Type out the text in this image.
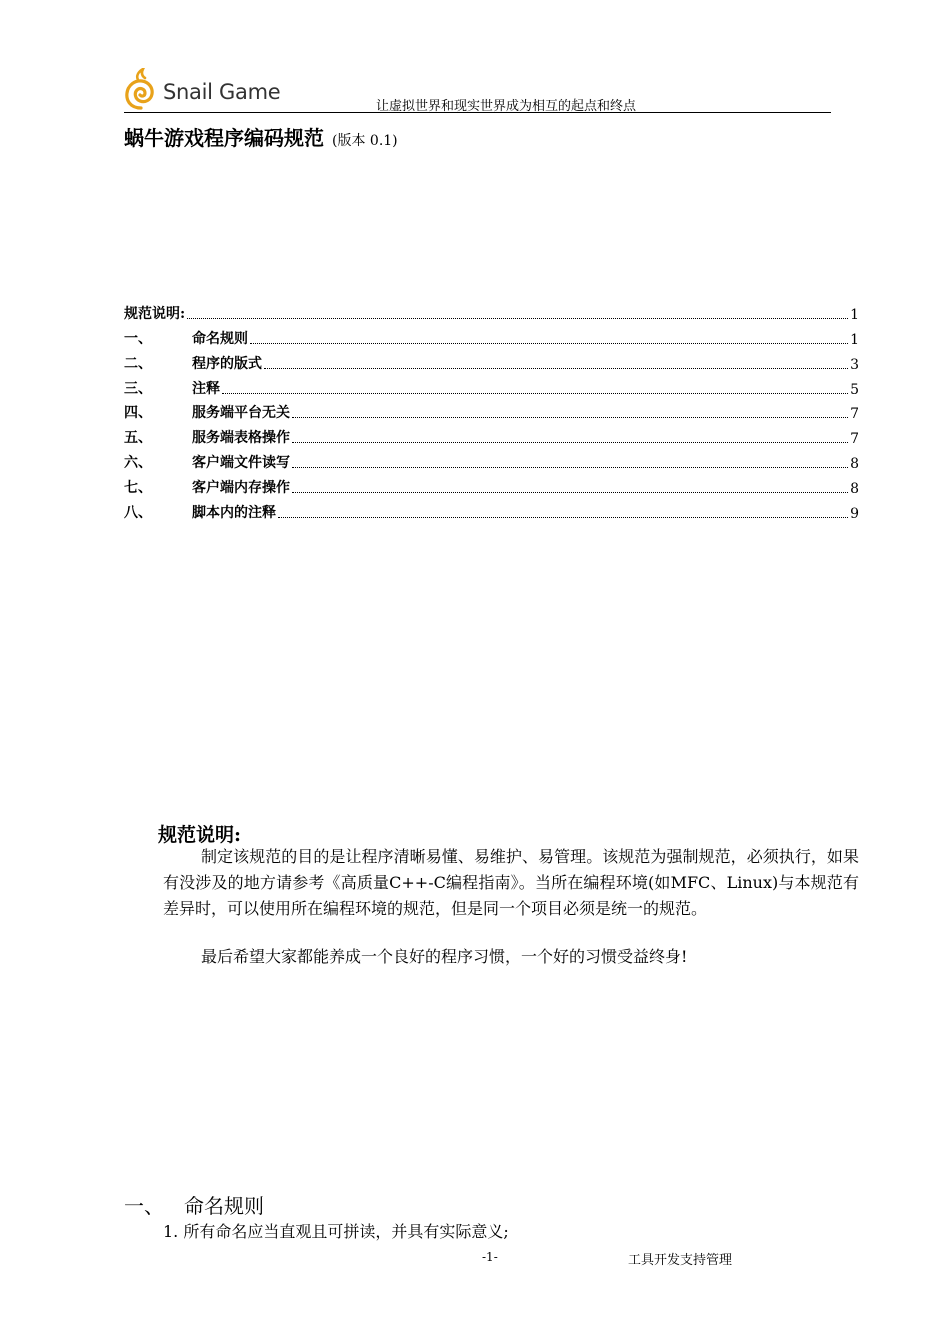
Snail Game
让虚拟世界和现实世界成为相互的起点和终点
蜗牛游戏程序编码规范 (版本 0.1)
规范说明:	1
一、	命名规则	1
二、	程序的版式	3
三、	注释	5
四、	服务端平台无关	7
五、	服务端表格操作	7
六、	客户端文件读写	8
七、	客户端内存操作	8
八、	脚本内的注释	9
规范说明:
制定该规范的目的是让程序清晰易懂、易维护、易管理。该规范为强制规范，必须执行，如果有没涉及的地方请参考《高质量C++-C编程指南》。当所在编程环境(如MFC、Linux)与本规范有差异时，可以使用所在编程环境的规范，但是同一个项目必须是统一的规范。
最后希望大家都能养成一个良好的程序习惯，一个好的习惯受益终身!
一、 命名规则
1. 所有命名应当直观且可拼读，并具有实际意义;
-1-	工具开发支持管理
